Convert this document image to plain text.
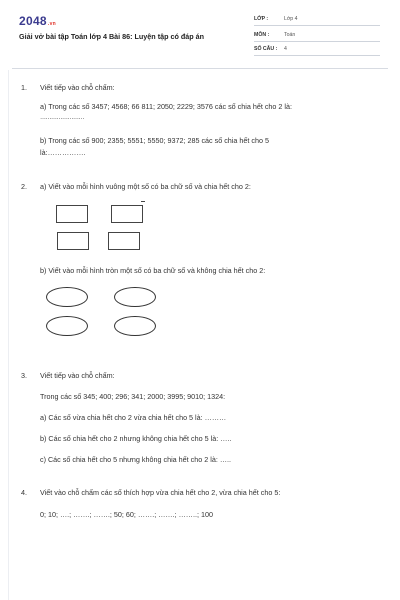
2048.vn
Giải vở bài tập Toán lớp 4 Bài 86: Luyện tập có đáp án
LỚP :	Lớp 4
MÔN :	Toán
SỐ CÂU : 4
1. Viết tiếp vào chỗ chấm:
a) Trong các số 3457; 4568; 66 811; 2050; 2229; 3576 các số chia hết cho 2 là:
……………………
b) Trong các số 900; 2355; 5551; 5550; 9372; 285 các số chia hết cho 5
là:…………….
2. a) Viết vào mỗi hình vuông một số có ba chữ số và chia hết cho 2:
b) Viết vào mỗi hình tròn một số có ba chữ số và không chia hết cho 2:
3. Viết tiếp vào chỗ chấm:
Trong các số 345; 400; 296; 341; 2000; 3995; 9010; 1324:
a) Các số vừa chia hết cho 2 vừa chia hết cho 5 là: ………
b) Các số chia hết cho 2 nhưng không chia hết cho 5 là: …..
c) Các số chia hết cho 5 nhưng không chia hết cho 2 là: …..
4. Viết vào chỗ chấm các số thích hợp vừa chia hết cho 2, vừa chia hết cho 5:
0; 10; ….; …….; …….; 50; 60; …….; …….; ……..; 100
